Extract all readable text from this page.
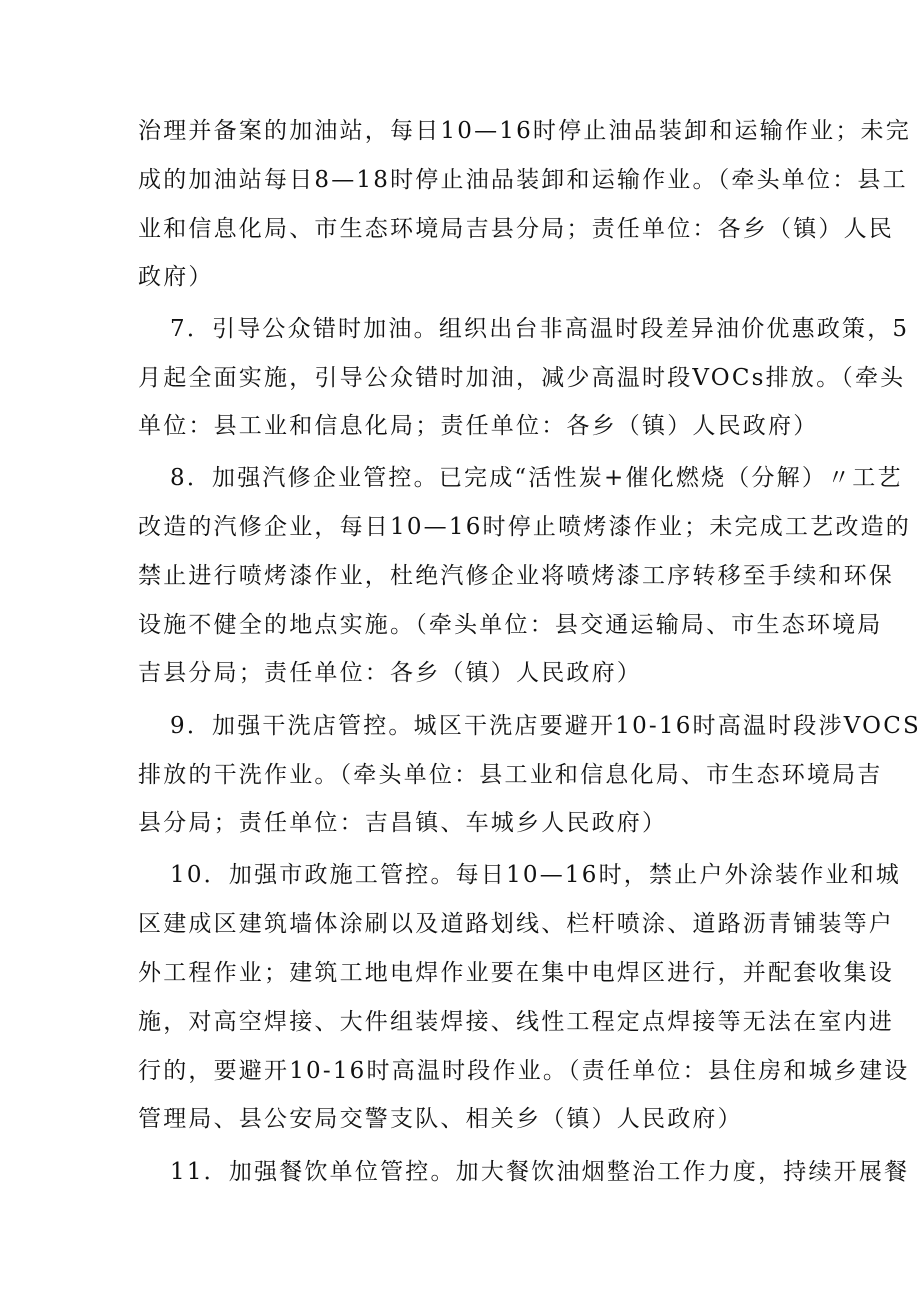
治理并备案的加油站，每日10—16时停止油品装卸和运输作业；未完
成的加油站每日8—18时停止油品装卸和运输作业。（牵头单位：县工
业和信息化局、市生态环境局吉县分局；责任单位：各乡（镇）人民
政府）
7．引导公众错时加油。组织出台非高温时段差异油价优惠政策，5
月起全面实施，引导公众错时加油，减少高温时段VOCs排放。（牵头
单位：县工业和信息化局；责任单位：各乡（镇）人民政府）
8．加强汽修企业管控。已完成“活性炭+催化燃烧（分解）〃工艺
改造的汽修企业，每日10—16时停止喷烤漆作业；未完成工艺改造的
禁止进行喷烤漆作业，杜绝汽修企业将喷烤漆工序转移至手续和环保
设施不健全的地点实施。（牵头单位：县交通运输局、市生态环境局
吉县分局；责任单位：各乡（镇）人民政府）
9．加强干洗店管控。城区干洗店要避开10-16时高温时段涉VOCS
排放的干洗作业。（牵头单位：县工业和信息化局、市生态环境局吉
县分局；责任单位：吉昌镇、车城乡人民政府）
10．加强市政施工管控。每日10—16时，禁止户外涂装作业和城
区建成区建筑墙体涂刷以及道路划线、栏杆喷涂、道路沥青铺装等户
外工程作业；建筑工地电焊作业要在集中电焊区进行，并配套收集设
施，对高空焊接、大件组装焊接、线性工程定点焊接等无法在室内进
行的，要避开10-16时高温时段作业。（责任单位：县住房和城乡建设
管理局、县公安局交警支队、相关乡（镇）人民政府）
11．加强餐饮单位管控。加大餐饮油烟整治工作力度，持续开展餐
